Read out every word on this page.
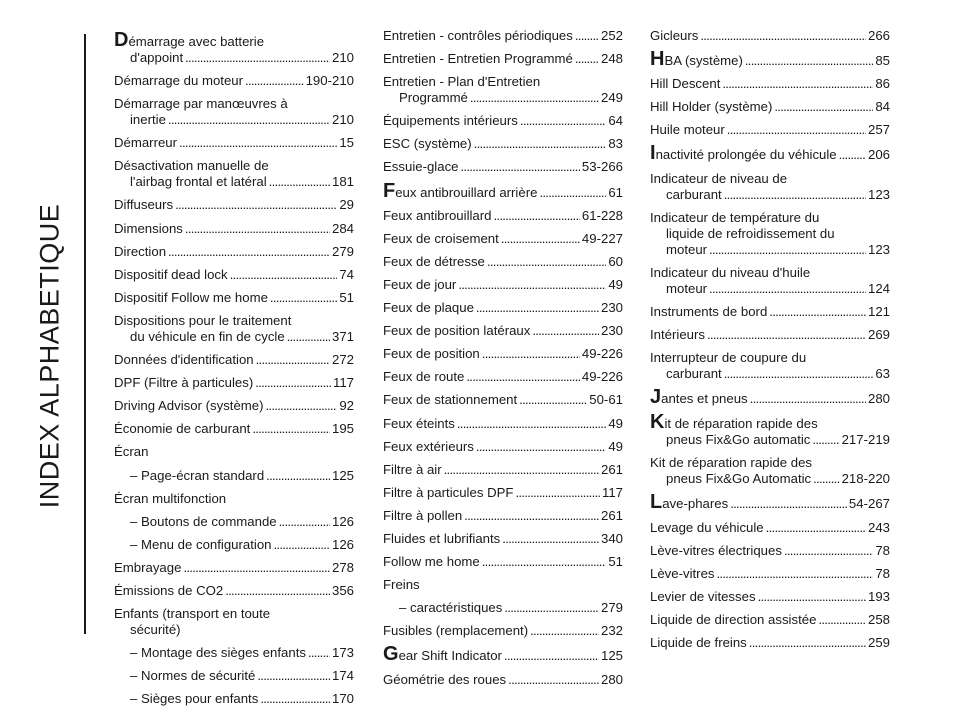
INDEX ALPHABETIQUE
D émarrage avec batterie
d'appoint . . .	210
Démarrage du moteur . . .	190-210
Démarrage par manœuvres à
inertie . . .	210
Démarreur . . .	15
Désactivation manuelle de
l'airbag frontal et latéral . . .	181
Diffuseurs . . .	29
Dimensions . . .	284
Direction . . .	279
Dispositif dead lock . . .	74
Dispositif Follow me home . . .	51
Dispositions pour le traitement
du véhicule en fin de cycle . . .	371
Données d'identification . . .	272
DPF (Filtre à particules) . . .	117
Driving Advisor (système) . . .	92
Économie de carburant . . .	195
Écran
– Page-écran standard . . .	125
Écran multifonction
– Boutons de commande . . .	126
– Menu de configuration . . .	126
Embrayage . . .	278
Émissions de CO2 . . .	356
Enfants (transport en toute
sécurité)
– Montage des sièges enfants . . . 173
– Normes de sécurité . . .	174
– Sièges pour enfants . . .	170
Entretien - contrôles périodiques . . . 252
Entretien - Entretien Programmé . . . 248
Entretien - Plan d'Entretien
Programmé . . .	249
Équipements intérieurs . . .	64
ESC (système) . . .	83
Essuie-glace . . .	53-266
F eux antibrouillard arrière . . .	61
Feux antibrouillard . . .	61-228
Feux de croisement . . .	49-227
Feux de détresse . . .	60
Feux de jour . . .	49
Feux de plaque . . .	230
Feux de position latéraux . . .	230
Feux de position . . .	49-226
Feux de route . . .	49-226
Feux de stationnement . . .	50-61
Feux éteints . . .	49
Feux extérieurs . . .	49
Filtre à air . . .	261
Filtre à particules DPF . . .	117
Filtre à pollen . . .	261
Fluides et lubrifiants . . .	340
Follow me home . . .	51
Freins
– caractéristiques . . .	279
Fusibles (remplacement) . . .	232
G ear Shift Indicator . . .	125
Géométrie des roues . . .	280
Gicleurs . . .	266
H BA (système) . . .	85
Hill Descent . . .	86
Hill Holder (système) . . .	84
Huile moteur . . .	257
I nactivité prolongée du véhicule . . . 206
Indicateur de niveau de
carburant . . .	123
Indicateur de température du
liquide de refroidissement du
moteur . . .	123
Indicateur du niveau d'huile
moteur . . .	124
Instruments de bord . . .	121
Intérieurs . . .	269
Interrupteur de coupure du
carburant . . .	63
J antes et pneus . . .	280
K it de réparation rapide des
pneus Fix&Go automatic . . . 217-219
Kit de réparation rapide des
pneus Fix&Go Automatic . . . 218-220
L ave-phares . . .	54-267
Levage du véhicule . . .	243
Lève-vitres électriques . . .	78
Lève-vitres . . .	78
Levier de vitesses . . .	193
Liquide de direction assistée . . .	258
Liquide de freins . . .	259
